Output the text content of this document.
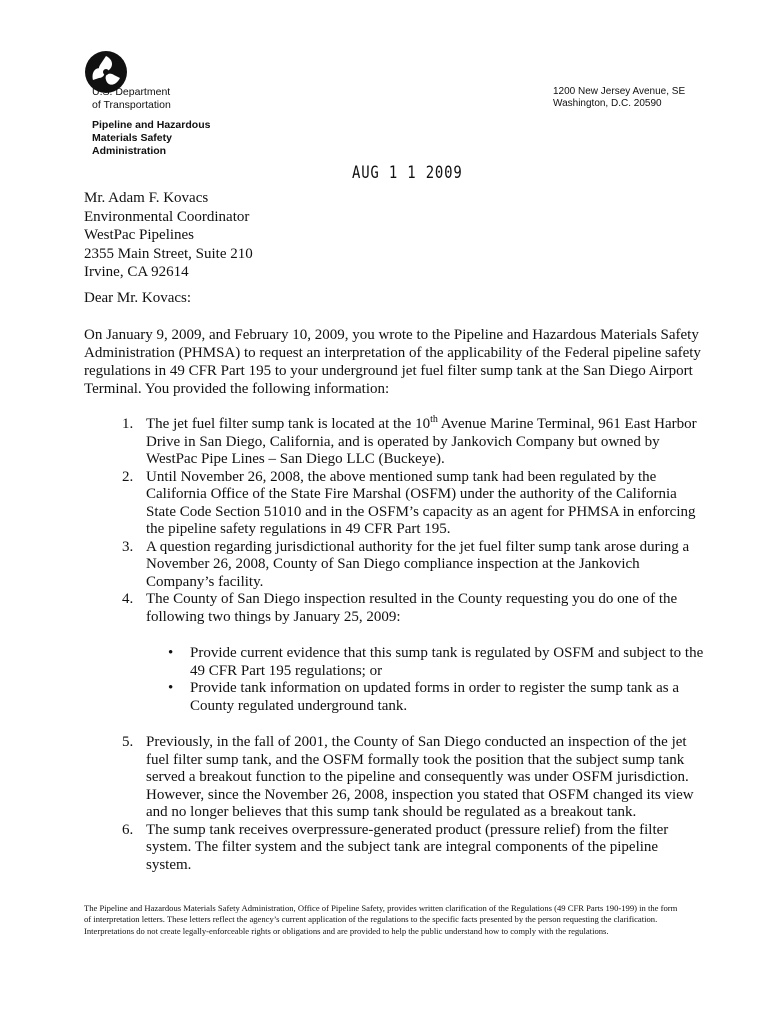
U.S. Department
of Transportation
Pipeline and Hazardous
Materials Safety
Administration
1200 New Jersey Avenue, SE
Washington, D.C. 20590
AUG 1 1 2009
Mr. Adam F. Kovacs
Environmental Coordinator
WestPac Pipelines
2355 Main Street, Suite 210
Irvine, CA 92614
Dear Mr. Kovacs:

On January 9, 2009, and February 10, 2009, you wrote to the Pipeline and Hazardous Materials Safety Administration (PHMSA) to request an interpretation of the applicability of the Federal pipeline safety regulations in 49 CFR Part 195 to your underground jet fuel filter sump tank at the San Diego Airport Terminal. You provided the following information:

1. The jet fuel filter sump tank is located at the 10th Avenue Marine Terminal, 961 East Harbor Drive in San Diego, California, and is operated by Jankovich Company but owned by WestPac Pipe Lines – San Diego LLC (Buckeye).
2. Until November 26, 2008, the above mentioned sump tank had been regulated by the California Office of the State Fire Marshal (OSFM) under the authority of the California State Code Section 51010 and in the OSFM’s capacity as an agent for PHMSA in enforcing the pipeline safety regulations in 49 CFR Part 195.
3. A question regarding jurisdictional authority for the jet fuel filter sump tank arose during a November 26, 2008, County of San Diego compliance inspection at the Jankovich Company’s facility.
4. The County of San Diego inspection resulted in the County requesting you do one of the following two things by January 25, 2009:
• Provide current evidence that this sump tank is regulated by OSFM and subject to the 49 CFR Part 195 regulations; or
• Provide tank information on updated forms in order to register the sump tank as a County regulated underground tank.
5. Previously, in the fall of 2001, the County of San Diego conducted an inspection of the jet fuel filter sump tank, and the OSFM formally took the position that the subject sump tank served a breakout function to the pipeline and consequently was under OSFM jurisdiction. However, since the November 26, 2008, inspection you stated that OSFM changed its view and no longer believes that this sump tank should be regulated as a breakout tank.
6. The sump tank receives overpressure-generated product (pressure relief) from the filter system. The filter system and the subject tank are integral components of the pipeline system.

The Pipeline and Hazardous Materials Safety Administration, Office of Pipeline Safety, provides written clarification of the Regulations (49 CFR Parts 190-199) in the form of interpretation letters. These letters reflect the agency’s current application of the regulations to the specific facts presented by the person requesting the clarification. Interpretations do not create legally-enforceable rights or obligations and are provided to help the public understand how to comply with the regulations.
